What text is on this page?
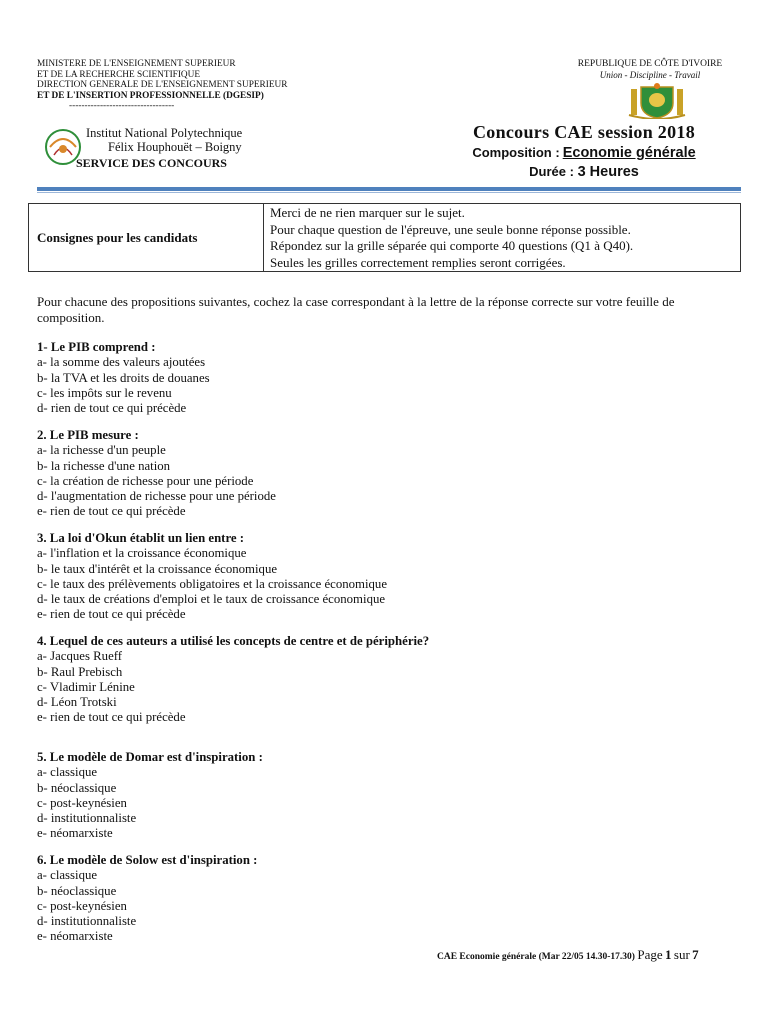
MINISTERE DE L'ENSEIGNEMENT SUPERIEUR
ET DE LA RECHERCHE SCIENTIFIQUE
DIRECTION GENERALE DE L'ENSEIGNEMENT SUPERIEUR
ET DE L'INSERTION PROFESSIONNELLE (DGESIP)
----------------------------------
REPUBLIQUE DE CÔTE D'IVOIRE
Union - Discipline - Travail
Institut National Polytechnique
Félix Houphouët – Boigny
SERVICE DES CONCOURS
Concours CAE session 2018
Composition : Economie générale
Durée : 3 Heures
Consignes pour les candidats
Merci de ne rien marquer sur le sujet.
Pour chaque question de l'épreuve, une seule bonne réponse possible.
Répondez sur la grille séparée qui comporte 40 questions (Q1 à Q40).
Seules les grilles correctement remplies seront corrigées.
Pour chacune des propositions suivantes, cochez la case correspondant à la lettre de la réponse correcte sur votre feuille de composition.
1- Le PIB comprend :
a- la somme des valeurs ajoutées
b- la TVA et les droits de douanes
c- les impôts sur le revenu
d- rien de tout ce qui précède
2. Le PIB mesure :
a- la richesse d'un peuple
b- la richesse d'une nation
c- la création de richesse pour une période
d- l'augmentation de richesse pour une période
e- rien de tout ce qui précède
3. La loi d'Okun établit un lien entre :
a- l'inflation et la croissance économique
b- le taux d'intérêt et la croissance économique
c- le taux des prélèvements obligatoires et la croissance économique
d- le taux de créations d'emploi et le taux de croissance économique
e- rien de tout ce qui précède
4. Lequel de ces auteurs a utilisé les concepts de centre et de périphérie?
a- Jacques Rueff
b- Raul Prebisch
c- Vladimir Lénine
d- Léon Trotski
e- rien de tout ce qui précède
5. Le modèle de Domar est d'inspiration :
a- classique
b- néoclassique
c- post-keynésien
d- institutionnaliste
e- néomarxiste
6. Le modèle de Solow est d'inspiration :
a- classique
b- néoclassique
c- post-keynésien
d- institutionnaliste
e- néomarxiste
CAE Economie générale (Mar 22/05 14.30-17.30) Page 1 sur 7
